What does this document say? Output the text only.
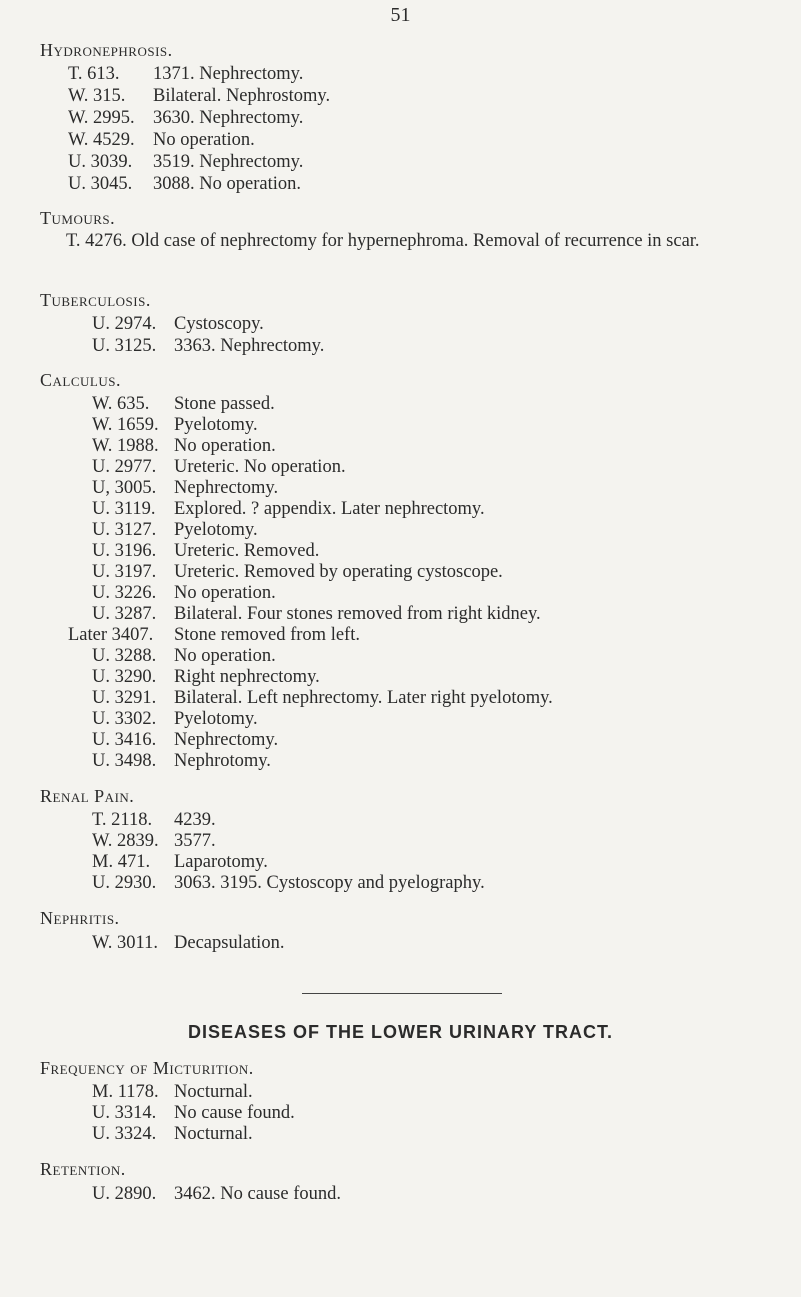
51
Hydronephrosis.
T. 613. 1371. Nephrectomy.
W. 315. Bilateral. Nephrostomy.
W. 2995. 3630. Nephrectomy.
W. 4529. No operation.
U. 3039. 3519. Nephrectomy.
U. 3045. 3088. No operation.
Tumours.
T. 4276. Old case of nephrectomy for hypernephroma. Removal of recurrence in scar.
Tuberculosis.
U. 2974. Cystoscopy.
U. 3125. 3363. Nephrectomy.
Calculus.
W. 635. Stone passed.
W. 1659. Pyelotomy.
W. 1988. No operation.
U. 2977. Ureteric. No operation.
U, 3005. Nephrectomy.
U. 3119. Explored. ? appendix. Later nephrectomy.
U. 3127. Pyelotomy.
U. 3196. Ureteric. Removed.
U. 3197. Ureteric. Removed by operating cystoscope.
U. 3226. No operation.
U. 3287. Bilateral. Four stones removed from right kidney.
Later 3407. Stone removed from left.
U. 3288. No operation.
U. 3290. Right nephrectomy.
U. 3291. Bilateral. Left nephrectomy. Later right pyelotomy.
U. 3302. Pyelotomy.
U. 3416. Nephrectomy.
U. 3498. Nephrotomy.
Renal Pain.
T. 2118. 4239.
W. 2839. 3577.
M. 471. Laparotomy.
U. 2930. 3063. 3195. Cystoscopy and pyelography.
Nephritis.
W. 3011. Decapsulation.
DISEASES OF THE LOWER URINARY TRACT.
Frequency of Micturition.
M. 1178. Nocturnal.
U. 3314. No cause found.
U. 3324. Nocturnal.
Retention.
U. 2890. 3462. No cause found.
